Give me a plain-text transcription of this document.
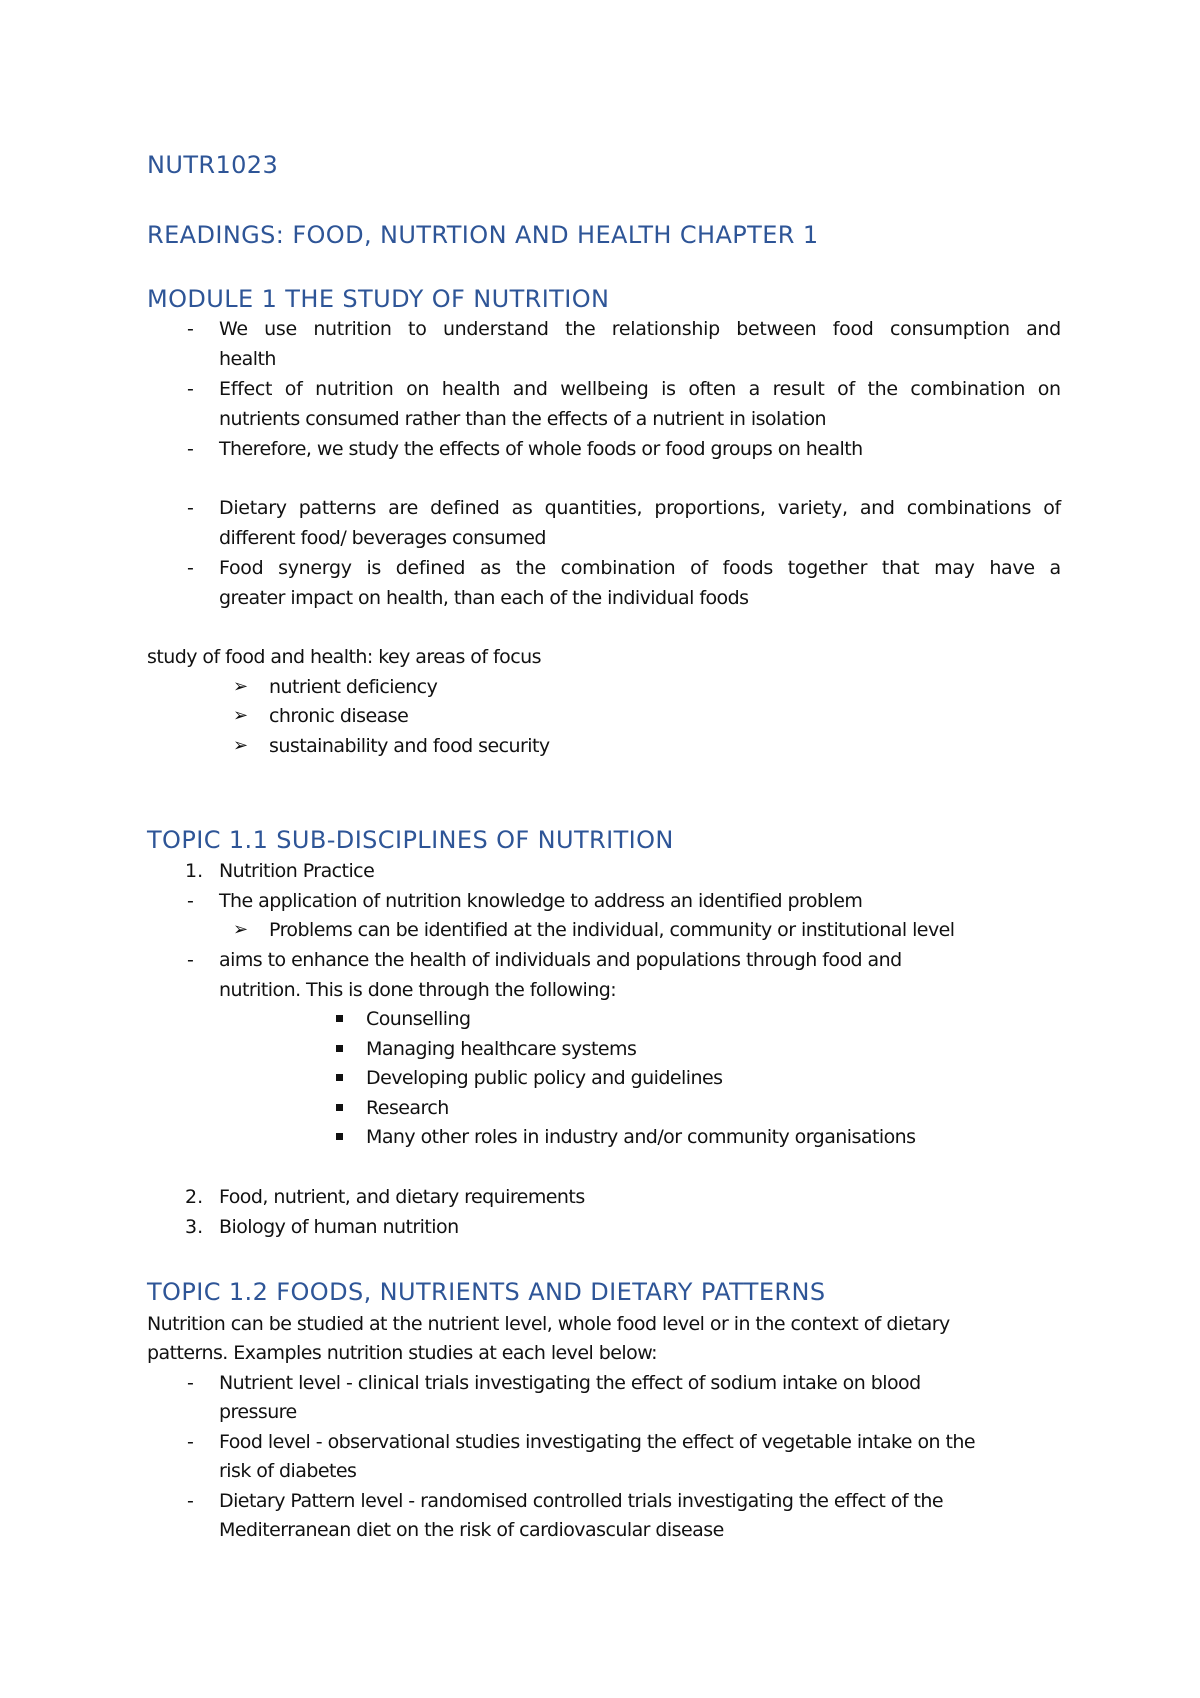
NUTR1023
READINGS: FOOD, NUTRTION AND HEALTH CHAPTER 1
MODULE 1 THE STUDY OF NUTRITION
- We use nutrition to understand the relationship between food consumption and
health
- Effect of nutrition on health and wellbeing is often a result of the combination on
nutrients consumed rather than the effects of a nutrient in isolation
- Therefore, we study the effects of whole foods or food groups on health
- Dietary patterns are defined as quantities, proportions, variety, and combinations of
different food/ beverages consumed
- Food synergy is defined as the combination of foods together that may have a
greater impact on health, than each of the individual foods
study of food and health: key areas of focus
➢ nutrient deficiency
➢ chronic disease
➢ sustainability and food security
TOPIC 1.1 SUB-DISCIPLINES OF NUTRITION
1. Nutrition Practice
- The application of nutrition knowledge to address an identified problem
➢ Problems can be identified at the individual, community or institutional level
- aims to enhance the health of individuals and populations through food and
nutrition. This is done through the following:
Counselling
Managing healthcare systems
Developing public policy and guidelines
Research
Many other roles in industry and/or community organisations
2. Food, nutrient, and dietary requirements
3. Biology of human nutrition
TOPIC 1.2 FOODS, NUTRIENTS AND DIETARY PATTERNS
Nutrition can be studied at the nutrient level, whole food level or in the context of dietary
patterns. Examples nutrition studies at each level below:
- Nutrient level - clinical trials investigating the effect of sodium intake on blood
pressure
- Food level - observational studies investigating the effect of vegetable intake on the
risk of diabetes
- Dietary Pattern level - randomised controlled trials investigating the effect of the
Mediterranean diet on the risk of cardiovascular disease
